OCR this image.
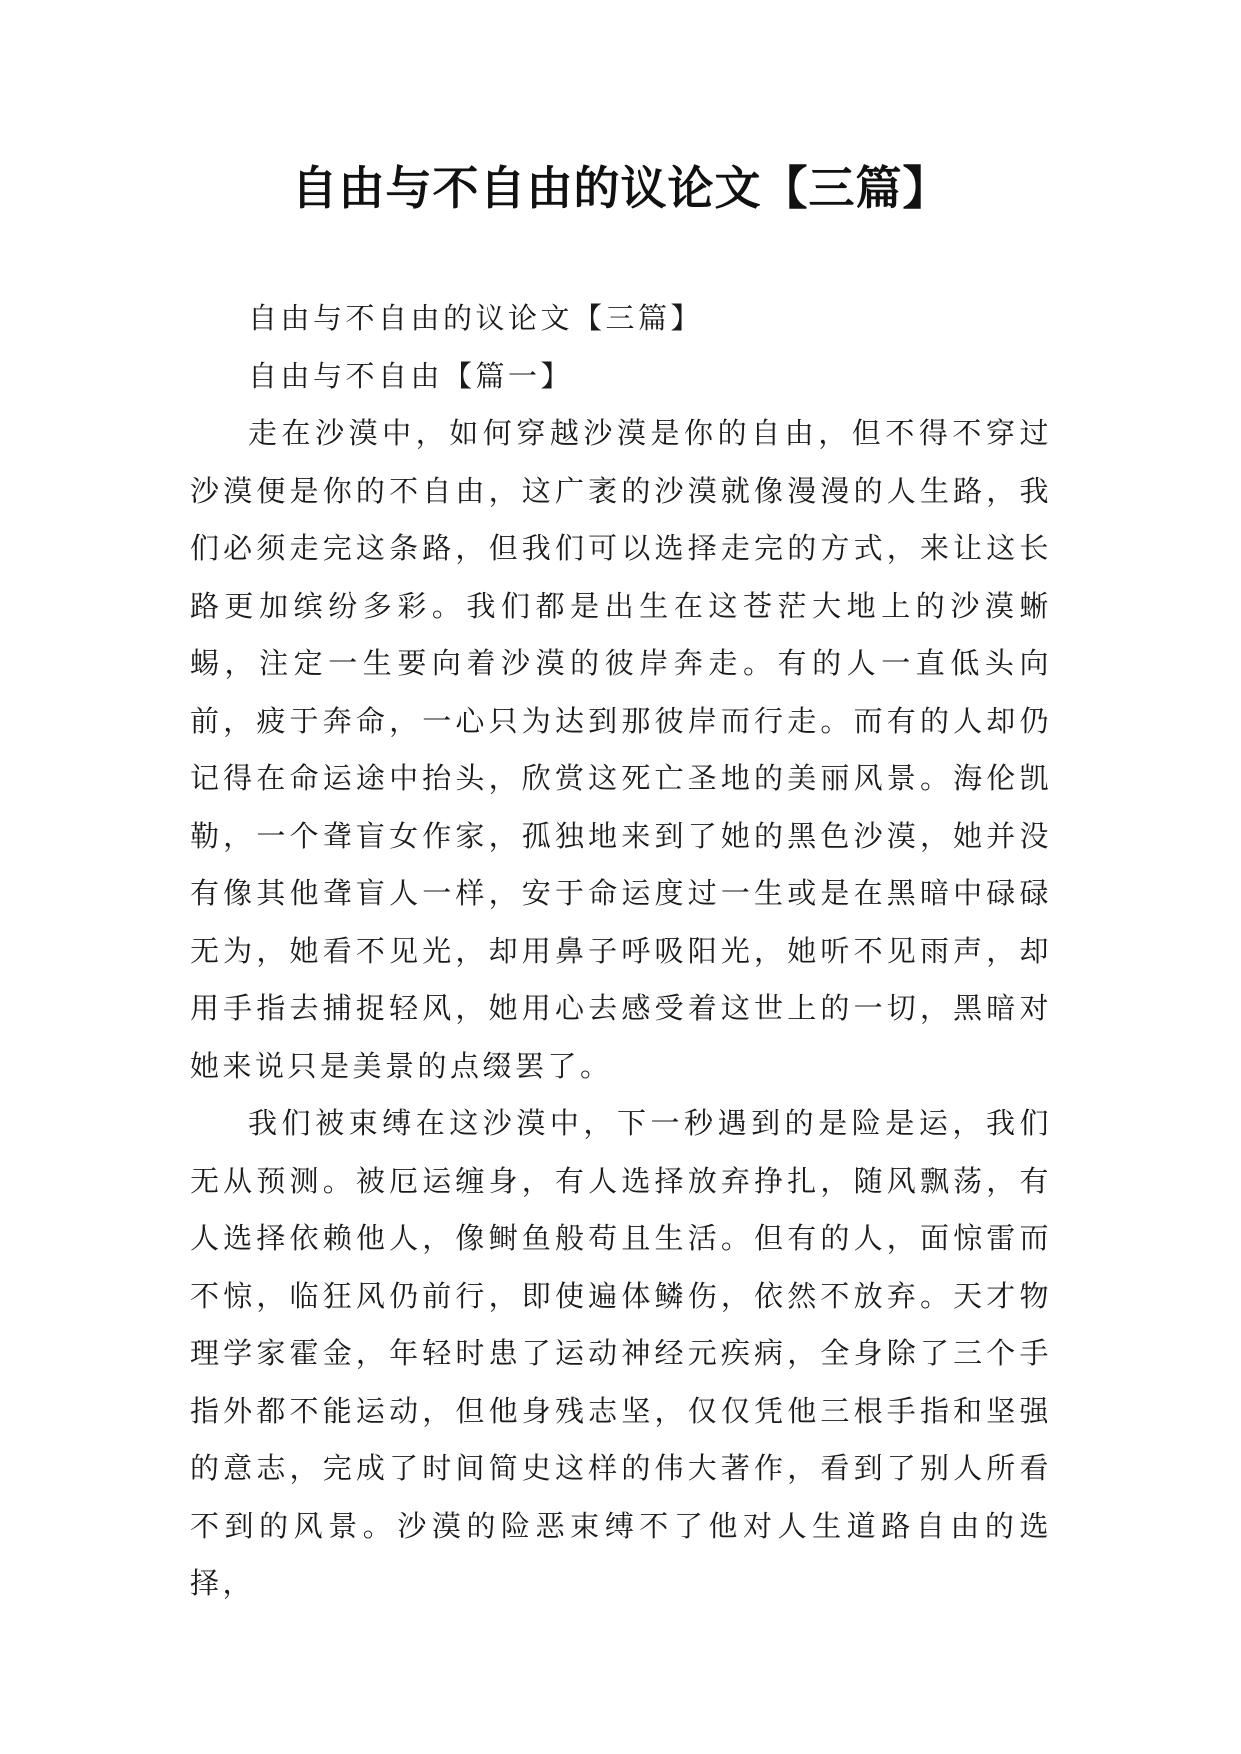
自由与不自由的议论文【三篇】

自由与不自由的议论文【三篇】

自由与不自由【篇一】

走在沙漠中，如何穿越沙漠是你的自由，但不得不穿过沙漠便是你的不自由，这广袤的沙漠就像漫漫的人生路，我们必须走完这条路，但我们可以选择走完的方式，来让这长路更加缤纷多彩。我们都是出生在这苍茫大地上的沙漠蜥蜴，注定一生要向着沙漠的彼岸奔走。有的人一直低头向前，疲于奔命，一心只为达到那彼岸而行走。而有的人却仍记得在命运途中抬头，欣赏这死亡圣地的美丽风景。海伦凯勒，一个聋盲女作家，孤独地来到了她的黑色沙漠，她并没有像其他聋盲人一样，安于命运度过一生或是在黑暗中碌碌无为，她看不见光，却用鼻子呼吸阳光，她听不见雨声，却用手指去捕捉轻风，她用心去感受着这世上的一切，黑暗对她来说只是美景的点缀罢了。

我们被束缚在这沙漠中，下一秒遇到的是险是运，我们无从预测。被厄运缠身，有人选择放弃挣扎，随风飘荡，有人选择依赖他人，像鲥鱼般苟且生活。但有的人，面惊雷而不惊，临狂风仍前行，即使遍体鳞伤，依然不放弃。天才物理学家霍金，年轻时患了运动神经元疾病，全身除了三个手指外都不能运动，但他身残志坚，仅仅凭他三根手指和坚强的意志，完成了时间简史这样的伟大著作，看到了别人所看不到的风景。沙漠的险恶束缚不了他对人生道路自由的选择，
